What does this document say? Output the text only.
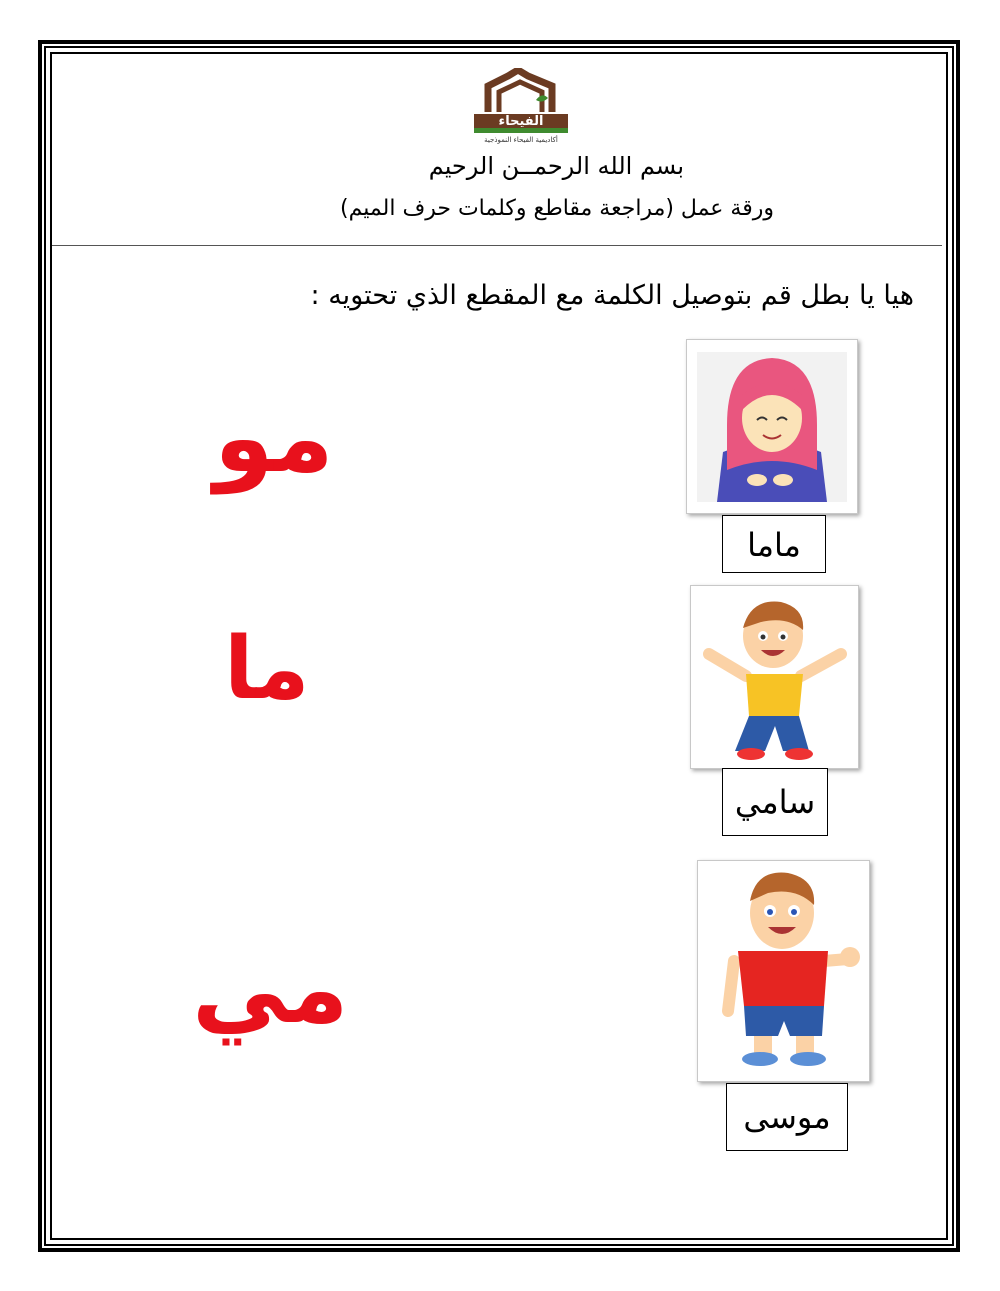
أكاديمية الفيحاء النموذجية
الفيحاء
بسم الله الرحمــن الرحيم
ورقة عمل (مراجعة مقاطع وكلمات حرف الميم)
هيا يا بطل قم بتوصيل الكلمة مع المقطع الذي تحتويه :
مو
ما
مي
ماما
سامي
موسى
